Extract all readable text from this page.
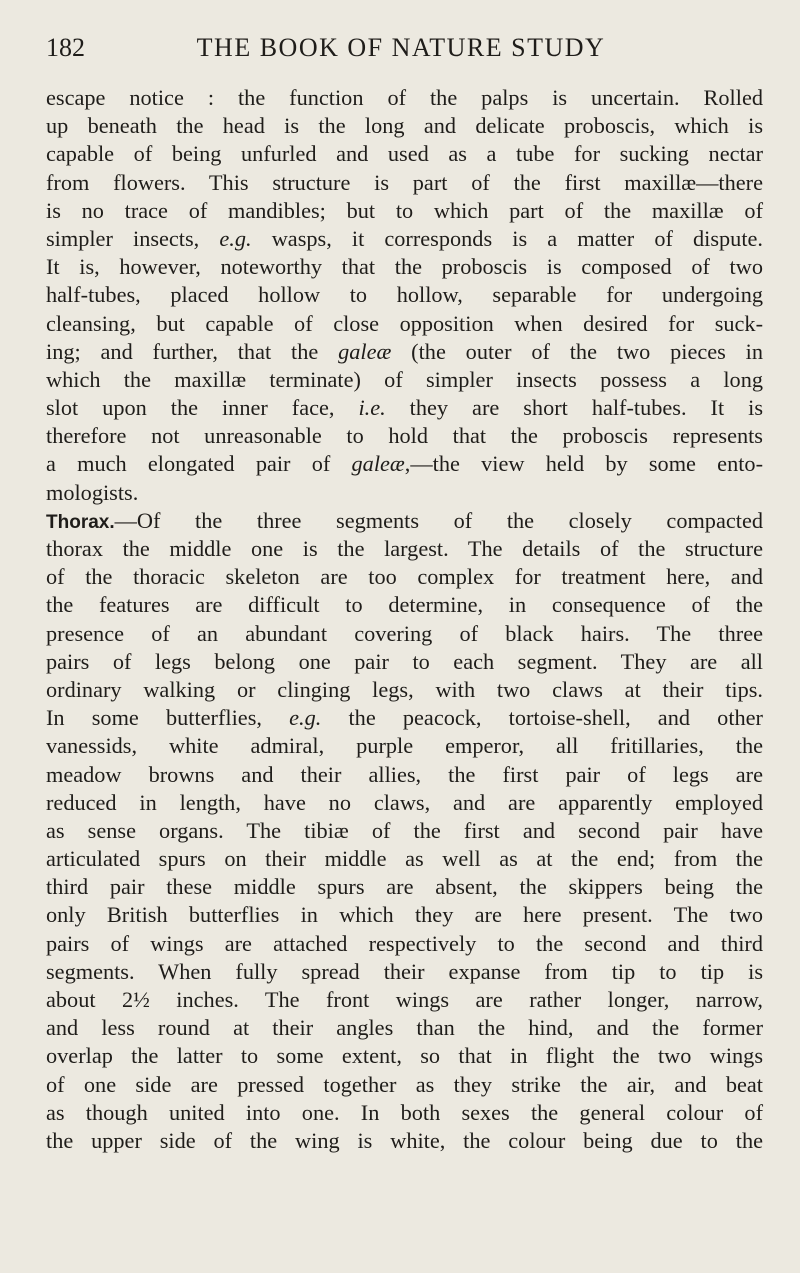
182	THE BOOK OF NATURE STUDY
escape notice : the function of the palps is uncertain. Rolled
up beneath the head is the long and delicate proboscis, which is
capable of being unfurled and used as a tube for sucking nectar
from flowers. This structure is part of the first maxillæ—there
is no trace of mandibles; but to which part of the maxillæ of
simpler insects, e.g. wasps, it corresponds is a matter of dispute.
It is, however, noteworthy that the proboscis is composed of two
half-tubes, placed hollow to hollow, separable for undergoing
cleansing, but capable of close opposition when desired for suck-
ing; and further, that the galeæ (the outer of the two pieces in
which the maxillæ terminate) of simpler insects possess a long
slot upon the inner face, i.e. they are short half-tubes. It is
therefore not unreasonable to hold that the proboscis represents
a much elongated pair of galeæ,—the view held by some ento-
mologists.
Thorax.—Of the three segments of the closely compacted
thorax the middle one is the largest. The details of the structure
of the thoracic skeleton are too complex for treatment here, and
the features are difficult to determine, in consequence of the
presence of an abundant covering of black hairs. The three
pairs of legs belong one pair to each segment. They are all
ordinary walking or clinging legs, with two claws at their tips.
In some butterflies, e.g. the peacock, tortoise-shell, and other
vanessids, white admiral, purple emperor, all fritillaries, the
meadow browns and their allies, the first pair of legs are
reduced in length, have no claws, and are apparently employed
as sense organs. The tibiæ of the first and second pair have
articulated spurs on their middle as well as at the end; from the
third pair these middle spurs are absent, the skippers being the
only British butterflies in which they are here present. The two
pairs of wings are attached respectively to the second and third
segments. When fully spread their expanse from tip to tip is
about 2½ inches. The front wings are rather longer, narrow,
and less round at their angles than the hind, and the former
overlap the latter to some extent, so that in flight the two wings
of one side are pressed together as they strike the air, and beat
as though united into one. In both sexes the general colour of
the upper side of the wing is white, the colour being due to the
